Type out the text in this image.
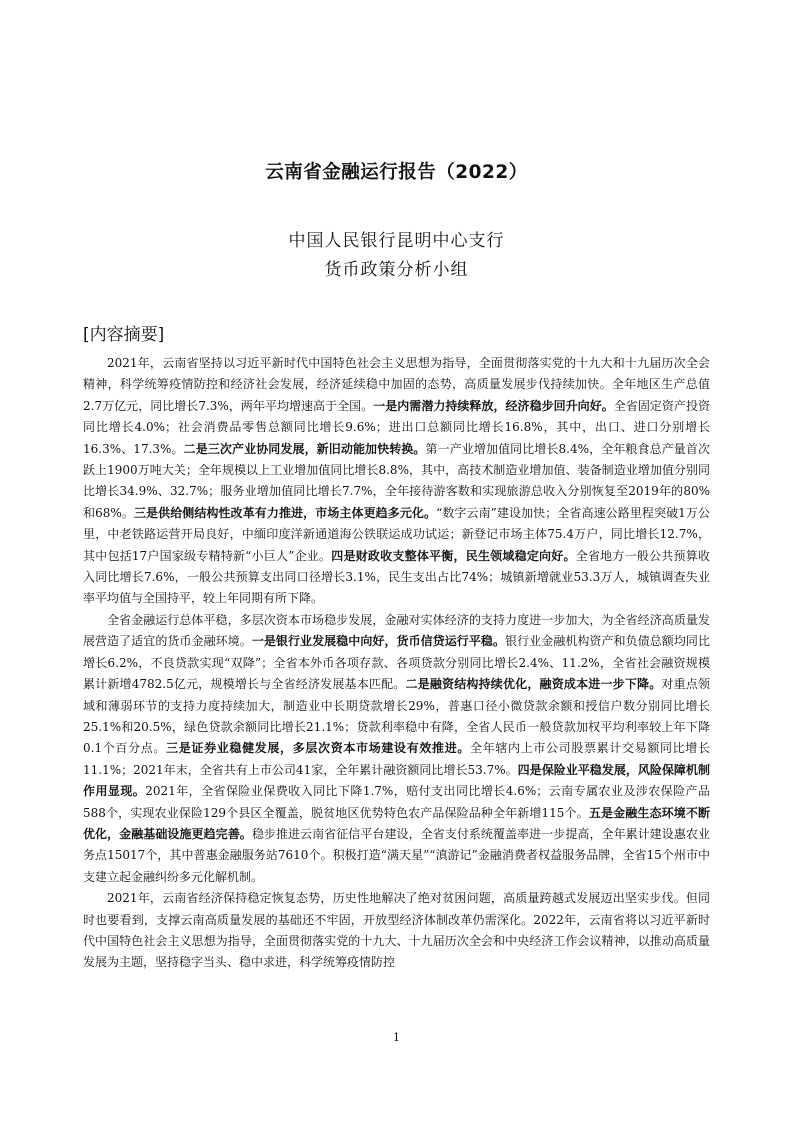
云南省金融运行报告（2022）
中国人民银行昆明中心支行
货币政策分析小组
[内容摘要]

2021年，云南省坚持以习近平新时代中国特色社会主义思想为指导，全面贯彻落实党的十九大和十九届历次全会精神，科学统筹疫情防控和经济社会发展，经济延续稳中加固的态势，高质量发展步伐持续加快。全年地区生产总值2.7万亿元，同比增长7.3%，两年平均增速高于全国。一是内需潜力持续释放，经济稳步回升向好。全省固定资产投资同比增长4.0%；社会消费品零售总额同比增长9.6%；进出口总额同比增长16.8%，其中，出口、进口分别增长16.3%、17.3%。二是三次产业协同发展，新旧动能加快转换。第一产业增加值同比增长8.4%，全年粮食总产量首次跃上1900万吨大关；全年规模以上工业增加值同比增长8.8%，其中，高技术制造业增加值、装备制造业增加值分别同比增长34.9%、32.7%；服务业增加值同比增长7.7%，全年接待游客数和实现旅游总收入分别恢复至2019年的80%和68%。三是供给侧结构性改革有力推进，市场主体更趋多元化。“数字云南”建设加快；全省高速公路里程突破1万公里，中老铁路运营开局良好，中缅印度洋新通道海公铁联运成功试运；新登记市场主体75.4万户，同比增长12.7%，其中包括17户国家级专精特新“小巨人”企业。四是财政收支整体平衡，民生领域稳定向好。全省地方一般公共预算收入同比增长7.6%，一般公共预算支出同口径增长3.1%，民生支出占比74%；城镇新增就业53.3万人，城镇调查失业率平均值与全国持平，较上年同期有所下降。

全省金融运行总体平稳，多层次资本市场稳步发展，金融对实体经济的支持力度进一步加大，为全省经济高质量发展营造了适宜的货币金融环境。一是银行业发展稳中向好，货币信贷运行平稳。银行业金融机构资产和负债总额均同比增长6.2%，不良贷款实现“双降”；全省本外币各项存款、各项贷款分别同比增长2.4%、11.2%，全省社会融资规模累计新增4782.5亿元，规模增长与全省经济发展基本匹配。二是融资结构持续优化，融资成本进一步下降。对重点领域和薄弱环节的支持力度持续加大，制造业中长期贷款增长29%，普惠口径小微贷款余额和授信户数分别同比增长25.1%和20.5%，绿色贷款余额同比增长21.1%；贷款利率稳中有降，全省人民币一般贷款加权平均利率较上年下降0.1个百分点。三是证券业稳健发展，多层次资本市场建设有效推进。全年辖内上市公司股票累计交易额同比增长11.1%；2021年末，全省共有上市公司41家，全年累计融资额同比增长53.7%。四是保险业平稳发展，风险保障机制作用显现。2021年，全省保险业保费收入同比下降1.7%，赔付支出同比增长4.6%；云南专属农业及涉农保险产品588个，实现农业保险129个县区全覆盖，脱贫地区优势特色农产品保险品种全年新增115个。五是金融生态环境不断优化，金融基础设施更趋完善。稳步推进云南省征信平台建设，全省支付系统覆盖率进一步提高，全年累计建设惠农业务点15017个，其中普惠金融服务站7610个。积极打造“满天星”“滇游记”金融消费者权益服务品牌，全省15个州市中支建立起金融纠纷多元化解机制。

2021年，云南省经济保持稳定恢复态势，历史性地解决了绝对贫困问题，高质量跨越式发展迈出坚实步伐。但同时也要看到，支撑云南高质量发展的基础还不牢固，开放型经济体制改革仍需深化。2022年，云南省将以习近平新时代中国特色社会主义思想为指导，全面贯彻落实党的十九大、十九届历次全会和中央经济工作会议精神，以推动高质量发展为主题，坚持稳字当头、稳中求进，科学统筹疫情防控

1
